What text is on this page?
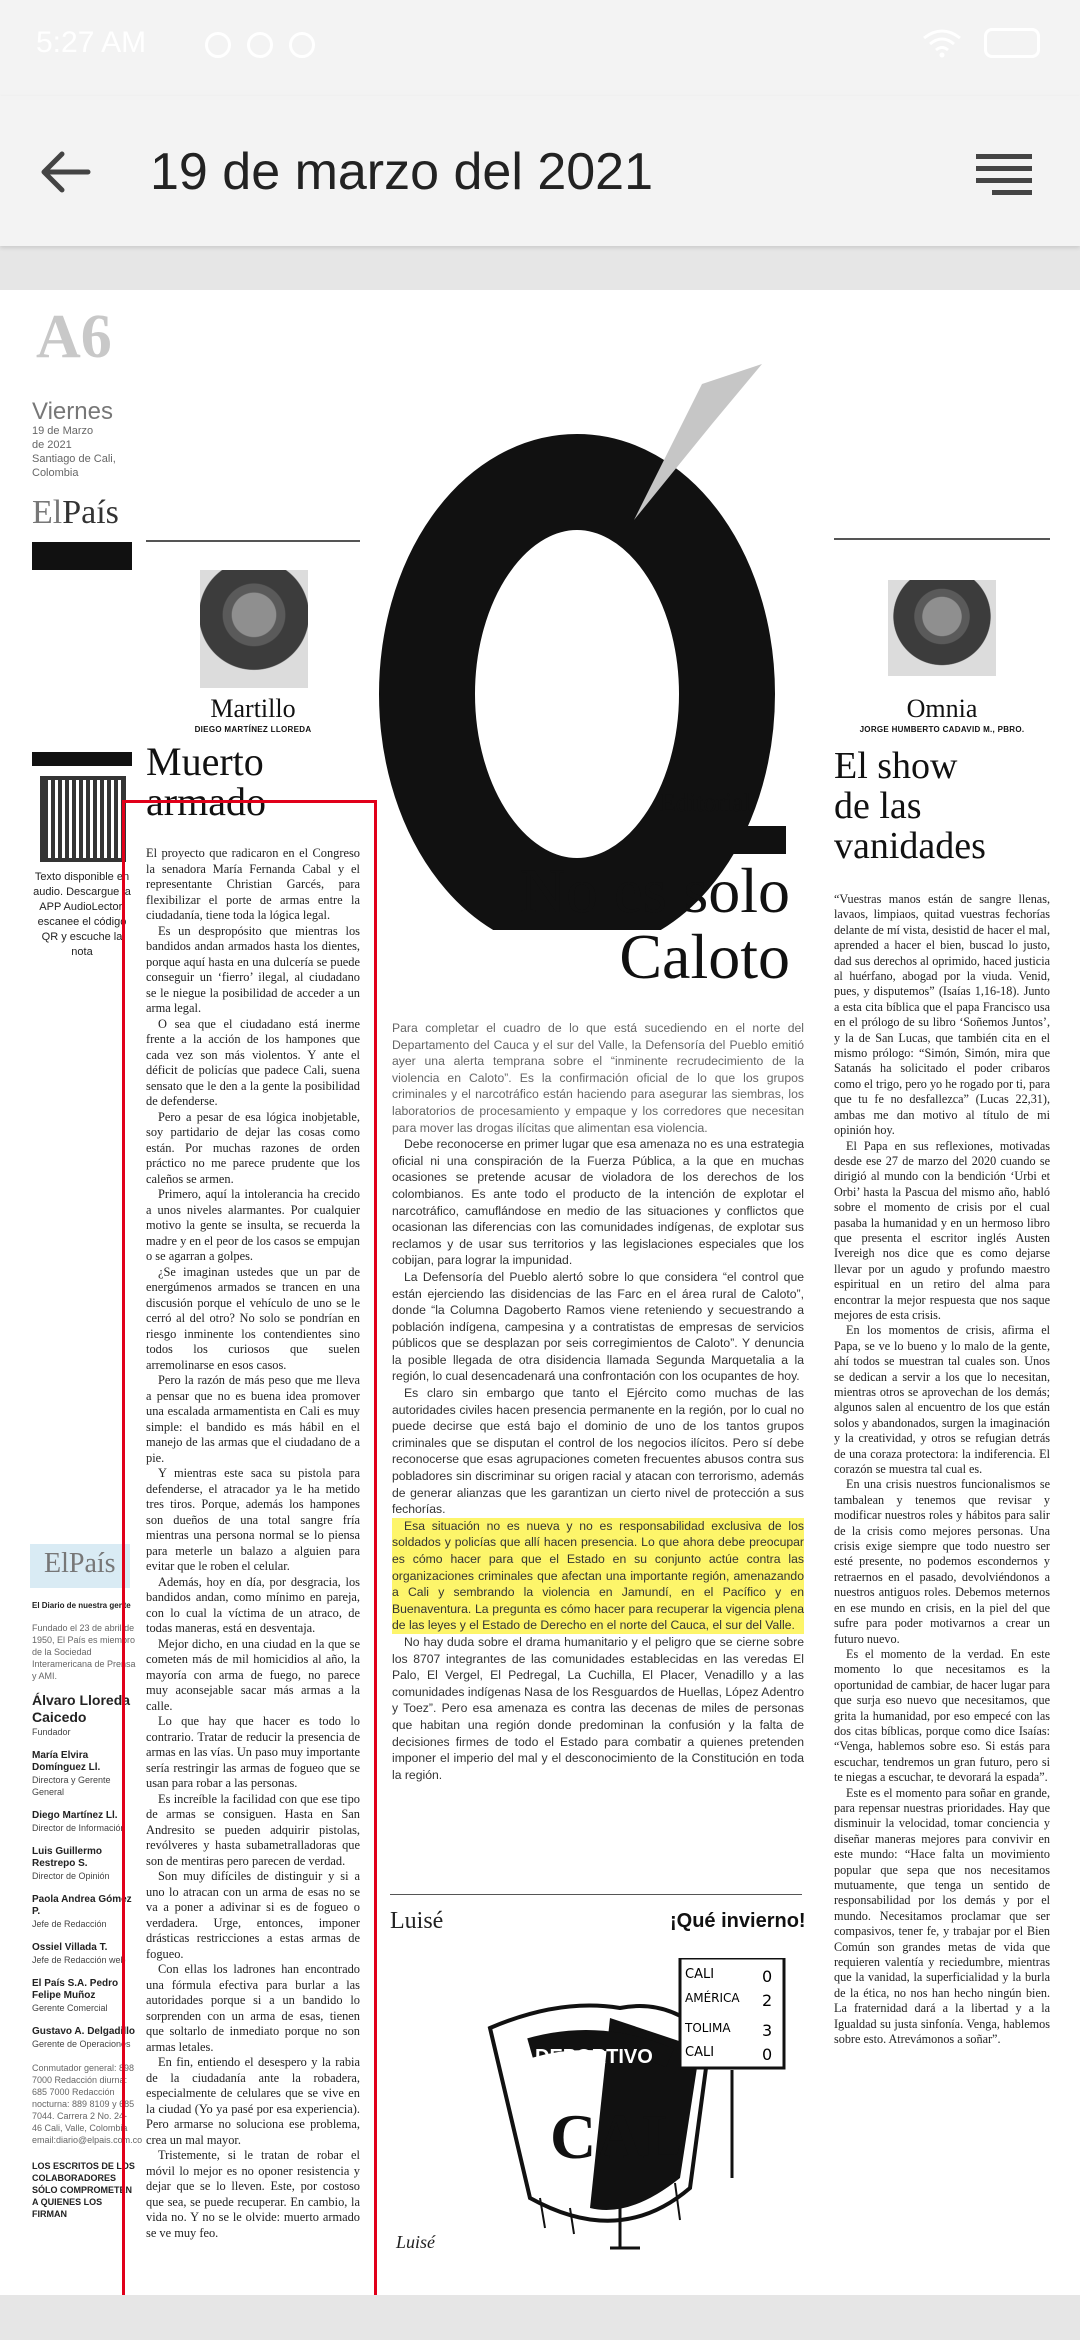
5:27 AM
19 de marzo del 2021
A6
Viernes
19 de Marzo
de 2021
Santiago de Cali,
Colombia
ElPaís
Texto disponible en audio. Descargue la APP AudioLector, escanee el código QR y escuche la nota
ElPaís
El Diario de nuestra gente
Fundado el 23 de abril de 1950, El País es miembro de la Sociedad Interamericana de Prensa y AMI.
Álvaro Lloreda Caicedo
Fundador
María Elvira Domínguez Ll.
Directora y Gerente General
Diego Martínez Ll.
Director de Información
Luis Guillermo Restrepo S.
Director de Opinión
Paola Andrea Gómez P.
Jefe de Redacción
Ossiel Villada T.
Jefe de Redacción web
El País S.A. Pedro Felipe Muñoz
Gerente Comercial
Gustavo A. Delgadillo
Gerente de Operaciones
Conmutador general: 898 7000 Redacción diurna: 685 7000 Redacción nocturna: 889 8109 y 685 7044. Carrera 2 No. 24-46 Cali, Valle, Colombia email:diario@elpais.com.co
LOS ESCRITOS DE LOS COLABORADORES SÓLO COMPROMETEN A QUIENES LOS FIRMAN
Martillo
DIEGO MARTÍNEZ LLOREDA
Muerto armado

El proyecto que radicaron en el Congreso la senadora María Fernanda Cabal y el representante Christian Garcés, para flexibilizar el porte de armas entre la ciudadanía, tiene toda la lógica legal.

Es un despropósito que mientras los bandidos andan armados hasta los dientes, porque aquí hasta en una dulcería se puede conseguir un ‘fierro’ ilegal, al ciudadano se le niegue la posibilidad de acceder a un arma legal.

O sea que el ciudadano está inerme frente a la acción de los hampones que cada vez son más violentos. Y ante el déficit de policías que padece Cali, suena sensato que le den a la gente la posibilidad de defenderse.

Pero a pesar de esa lógica inobjetable, soy partidario de dejar las cosas como están. Por muchas razones de orden práctico no me parece prudente que los caleños se armen.

Primero, aquí la intolerancia ha crecido a unos niveles alarmantes. Por cualquier motivo la gente se insulta, se recuerda la madre y en el peor de los casos se empujan o se agarran a golpes.

¿Se imaginan ustedes que un par de energúmenos armados se trancen en una discusión porque el vehículo de uno se le cerró al del otro? No solo se pondrían en riesgo inminente los contendientes sino todos los curiosos que suelen arremolinarse en esos casos.

Pero la razón de más peso que me lleva a pensar que no es buena idea promover una escalada armamentista en Cali es muy simple: el bandido es más hábil en el manejo de las armas que el ciudadano de a pie.

Y mientras este saca su pistola para defenderse, el atracador ya le ha metido tres tiros. Porque, además los hampones son dueños de una total sangre fría mientras una persona normal se lo piensa para meterle un balazo a alguien para evitar que le roben el celular.

Además, hoy en día, por desgracia, los bandidos andan, como mínimo en pareja, con lo cual la víctima de un atraco, de todas maneras, está en desventaja.

Mejor dicho, en una ciudad en la que se cometen más de mil homicidios al año, la mayoría con arma de fuego, no parece muy aconsejable sacar más armas a la calle.

Lo que hay que hacer es todo lo contrario. Tratar de reducir la presencia de armas en las vías. Un paso muy importante sería restringir las armas de fogueo que se usan para robar a las personas.

Es increíble la facilidad con que ese tipo de armas se consiguen. Hasta en San Andresito se pueden adquirir pistolas, revólveres y hasta subametralladoras que son de mentiras pero parecen de verdad.

Son muy difíciles de distinguir y si a uno lo atracan con un arma de esas no se va a poner a adivinar si es de fogueo o verdadera. Urge, entonces, imponer drásticas restricciones a estas armas de fogueo.

Con ellas los ladrones han encontrado una fórmula efectiva para burlar a las autoridades porque si a un bandido lo sorprenden con un arma de esas, tienen que soltarlo de inmediato porque no son armas letales.

En fin, entiendo el desespero y la rabia de la ciudadanía ante la robadera, especialmente de celulares que se vive en la ciudad (Yo ya pasé por esa experiencia). Pero armarse no soluciona ese problema, crea un mal mayor.

Tristemente, si le tratan de robar el móvil lo mejor es no oponer resistencia y dejar que se lo lleven. Este, por costoso que sea, se puede recuperar. En cambio, la vida no. Y no se le olvide: muerto armado se ve muy feo.

Editorial
No es solo
Caloto

Para completar el cuadro de lo que está sucediendo en el norte del Departamento del Cauca y el sur del Valle, la Defensoría del Pueblo emitió ayer una alerta temprana sobre el “inminente recrudecimiento de la violencia en Caloto”. Es la confirmación oficial de lo que los grupos criminales y el narcotráfico están haciendo para asegurar las siembras, los laboratorios de procesamiento y empaque y los corredores que necesitan para mover las drogas ilícitas que alimentan esa violencia.

Debe reconocerse en primer lugar que esa amenaza no es una estrategia oficial ni una conspiración de la Fuerza Pública, a la que en muchas ocasiones se pretende acusar de violadora de los derechos de los colombianos. Es ante todo el producto de la intención de explotar el narcotráfico, camuflándose en medio de las situaciones y conflictos que ocasionan las diferencias con las comunidades indígenas, de explotar sus reclamos y de usar sus territorios y las legislaciones especiales que los cobijan, para lograr la impunidad.

La Defensoría del Pueblo alertó sobre lo que considera “el control que están ejerciendo las disidencias de las Farc en el área rural de Caloto”, donde “la Columna Dagoberto Ramos viene reteniendo y secuestrando a población indígena, campesina y a contratistas de empresas de servicios públicos que se desplazan por seis corregimientos de Caloto”. Y denuncia la posible llegada de otra disidencia llamada Segunda Marquetalia a la región, lo cual desencadenará una confrontación con los ocupantes de hoy.

Es claro sin embargo que tanto el Ejército como muchas de las autoridades civiles hacen presencia permanente en la región, por lo cual no puede decirse que está bajo el dominio de uno de los tantos grupos criminales que se disputan el control de los negocios ilícitos. Pero sí debe reconocerse que esas agrupaciones cometen frecuentes abusos contra sus pobladores sin discriminar su origen racial y atacan con terrorismo, además de generar alianzas que les garantizan un cierto nivel de protección a sus fechorías.

Esa situación no es nueva y no es responsabilidad exclusiva de los soldados y policías que allí hacen presencia. Lo que ahora debe preocupar es cómo hacer para que el Estado en su conjunto actúe contra las organizaciones criminales que afectan una importante región, amenazando a Cali y sembrando la violencia en Jamundí, en el Pacífico y en Buenaventura. La pregunta es cómo hacer para recuperar la vigencia plena de las leyes y el Estado de Derecho en el norte del Cauca, el sur del Valle.

No hay duda sobre el drama humanitario y el peligro que se cierne sobre los 8707 integrantes de las comunidades establecidas en las veredas El Palo, El Vergel, El Pedregal, La Cuchilla, El Placer, Venadillo y a las comunidades indígenas Nasa de los Resguardos de Huellas, López Adentro y Toez”. Pero esa amenaza es contra las decenas de miles de personas que habitan una región donde predominan la confusión y la falta de decisiones firmes de todo el Estado para combatir a quienes pretenden imponer el imperio del mal y el desconocimiento de la Constitución en toda la región.

Luisé	¡Qué invierno!
DEPORTIVO
CAL
CALI	0
AMÉRICA 2
TOLIMA 3
CALI	0
Luisé
Omnia
JORGE HUMBERTO CADAVID M., PBRO.
El show
de las
vanidades

“Vuestras manos están de sangre llenas, lavaos, limpiaos, quitad vuestras fechorías delante de mí vista, desistid de hacer el mal, aprended a hacer el bien, buscad lo justo, dad sus derechos al oprimido, haced justicia al huérfano, abogad por la viuda. Venid, pues, y disputemos” (Isaías 1,16-18). Junto a esta cita bíblica que el papa Francisco usa en el prólogo de su libro ‘Soñemos Juntos’, y la de San Lucas, que también cita en el mismo prólogo: “Simón, Simón, mira que Satanás ha solicitado el poder cribaros como el trigo, pero yo he rogado por ti, para que tu fe no desfallezca” (Lucas 22,31), ambas me dan motivo al título de mi opinión hoy.

El Papa en sus reflexiones, motivadas desde ese 27 de marzo del 2020 cuando se dirigió al mundo con la bendición ‘Urbi et Orbi’ hasta la Pascua del mismo año, habló sobre el momento de crisis por el cual pasaba la humanidad y en un hermoso libro que presenta el escritor inglés Austen Ivereigh nos dice que es como dejarse llevar por un agudo y profundo maestro espiritual en un retiro del alma para encontrar la mejor respuesta que nos saque mejores de esta crisis.

En los momentos de crisis, afirma el Papa, se ve lo bueno y lo malo de la gente, ahí todos se muestran tal cuales son. Unos se dedican a servir a los que lo necesitan, mientras otros se aprovechan de los demás; algunos salen al encuentro de los que están solos y abandonados, surgen la imaginación y la creatividad, y otros se refugian detrás de una coraza protectora: la indiferencia. El corazón se muestra tal cual es.

En una crisis nuestros funcionalismos se tambalean y tenemos que revisar y modificar nuestros roles y hábitos para salir de la crisis como mejores personas. Una crisis exige siempre que todo nuestro ser esté presente, no podemos escondernos y retraernos en el pasado, devolviéndonos a nuestros antiguos roles. Debemos meternos en ese mundo en crisis, en la piel del que sufre para poder motivarnos a crear un futuro nuevo.

Es el momento de la verdad. En este momento lo que necesitamos es la oportunidad de cambiar, de hacer lugar para que surja eso nuevo que necesitamos, que grita la humanidad, por eso empecé con las dos citas bíblicas, porque como dice Isaías: “Venga, hablemos sobre eso. Si estás para escuchar, tendremos un gran futuro, pero si te niegas a escuchar, te devorará la espada”.

Este es el momento para soñar en grande, para repensar nuestras prioridades. Hay que disminuir la velocidad, tomar conciencia y diseñar maneras mejores para convivir en este mundo: “Hace falta un movimiento popular que sepa que nos necesitamos mutuamente, que tenga un sentido de responsabilidad por los demás y por el mundo. Necesitamos proclamar que ser compasivos, tener fe, y trabajar por el Bien Común son grandes metas de vida que requieren valentía y reciedumbre, mientras que la vanidad, la superficialidad y la burla de la ética, no nos han hecho ningún bien. La fraternidad dará a la libertad y a la Igualdad su justa sinfonía. Venga, hablemos sobre esto. Atrevámonos a soñar”.
